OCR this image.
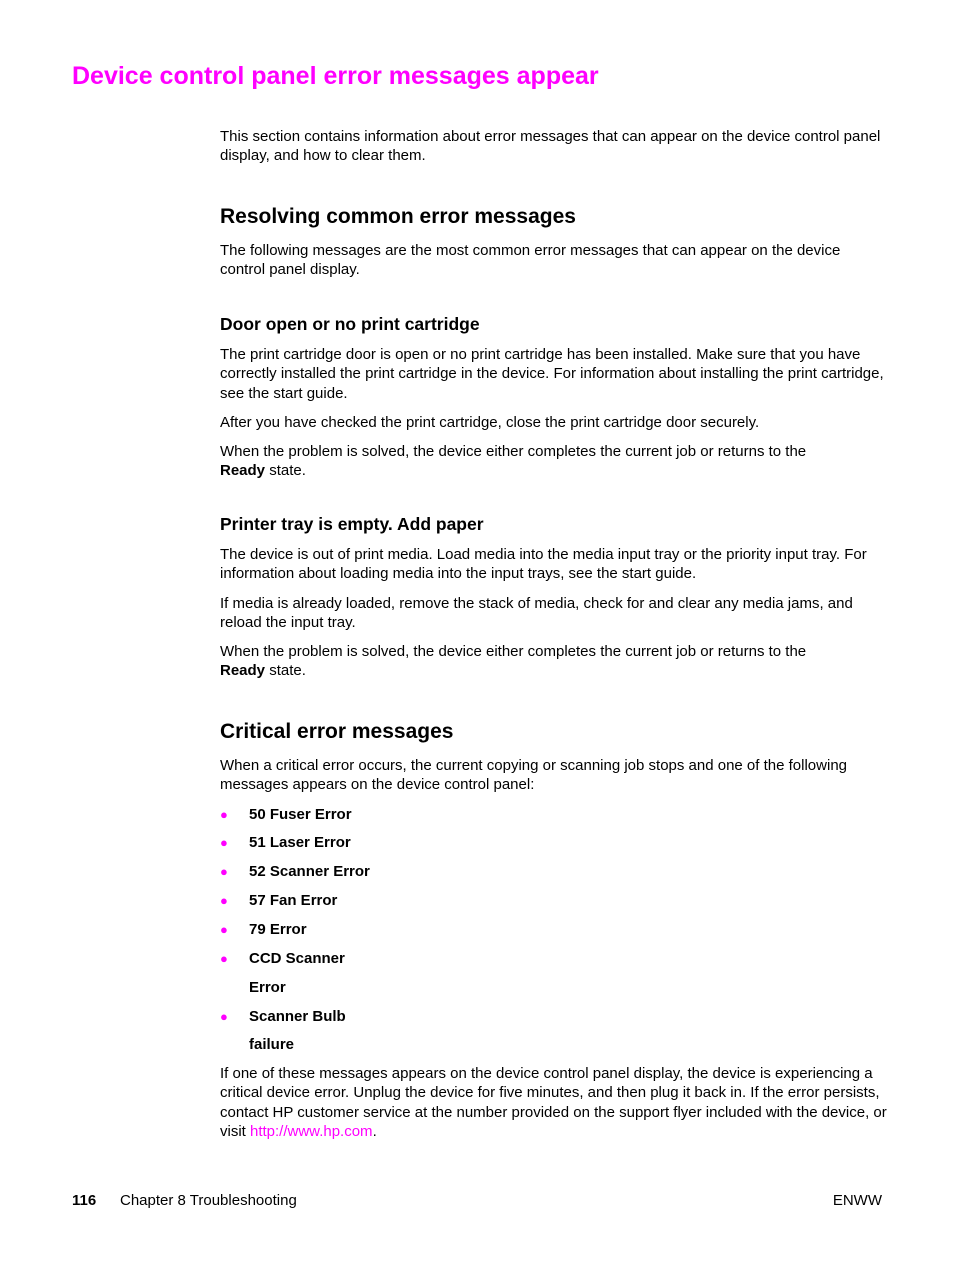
Device control panel error messages appear
This section contains information about error messages that can appear on the device control panel display, and how to clear them.
Resolving common error messages
The following messages are the most common error messages that can appear on the device control panel display.
Door open or no print cartridge
The print cartridge door is open or no print cartridge has been installed. Make sure that you have correctly installed the print cartridge in the device. For information about installing the print cartridge, see the start guide.
After you have checked the print cartridge, close the print cartridge door securely.
When the problem is solved, the device either completes the current job or returns to the
Ready state.
Printer tray is empty. Add paper
The device is out of print media. Load media into the media input tray or the priority input tray. For information about loading media into the input trays, see the start guide.
If media is already loaded, remove the stack of media, check for and clear any media jams, and reload the input tray.
When the problem is solved, the device either completes the current job or returns to the
Ready state.
Critical error messages
When a critical error occurs, the current copying or scanning job stops and one of the following messages appears on the device control panel:
● 50 Fuser Error
● 51 Laser Error
● 52 Scanner Error
● 57 Fan Error
● 79 Error
● CCD Scanner
Error
● Scanner Bulb
failure
If one of these messages appears on the device control panel display, the device is experiencing a critical device error. Unplug the device for five minutes, and then plug it back in. If the error persists, contact HP customer service at the number provided on the support flyer included with the device, or visit http://www.hp.com.
116 Chapter 8 Troubleshooting	ENWW
